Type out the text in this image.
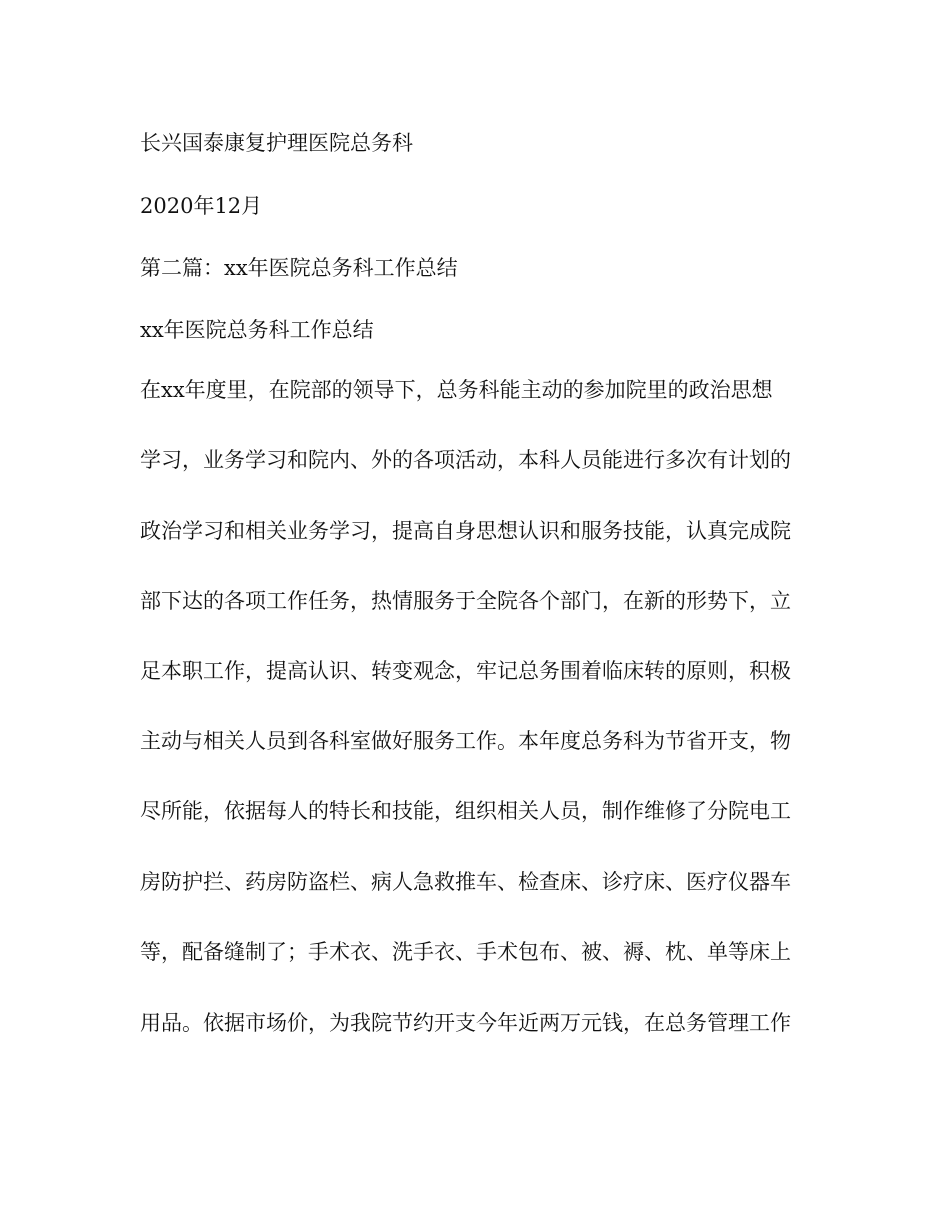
长兴国泰康复护理医院总务科
2020年12月
第二篇：xx年医院总务科工作总结
xx年医院总务科工作总结
在xx年度里，在院部的领导下，总务科能主动的参加院里的政治思想
学习，业务学习和院内、外的各项活动，本科人员能进行多次有计划的
政治学习和相关业务学习，提高自身思想认识和服务技能，认真完成院
部下达的各项工作任务，热情服务于全院各个部门，在新的形势下，立
足本职工作，提高认识、转变观念，牢记总务围着临床转的原则，积极
主动与相关人员到各科室做好服务工作。本年度总务科为节省开支，物
尽所能，依据每人的特长和技能，组织相关人员，制作维修了分院电工
房防护拦、药房防盗栏、病人急救推车、检查床、诊疗床、医疗仪器车
等，配备缝制了；手术衣、洗手衣、手术包布、被、褥、枕、单等床上
用品。依据市场价，为我院节约开支今年近两万元钱，在总务管理工作
